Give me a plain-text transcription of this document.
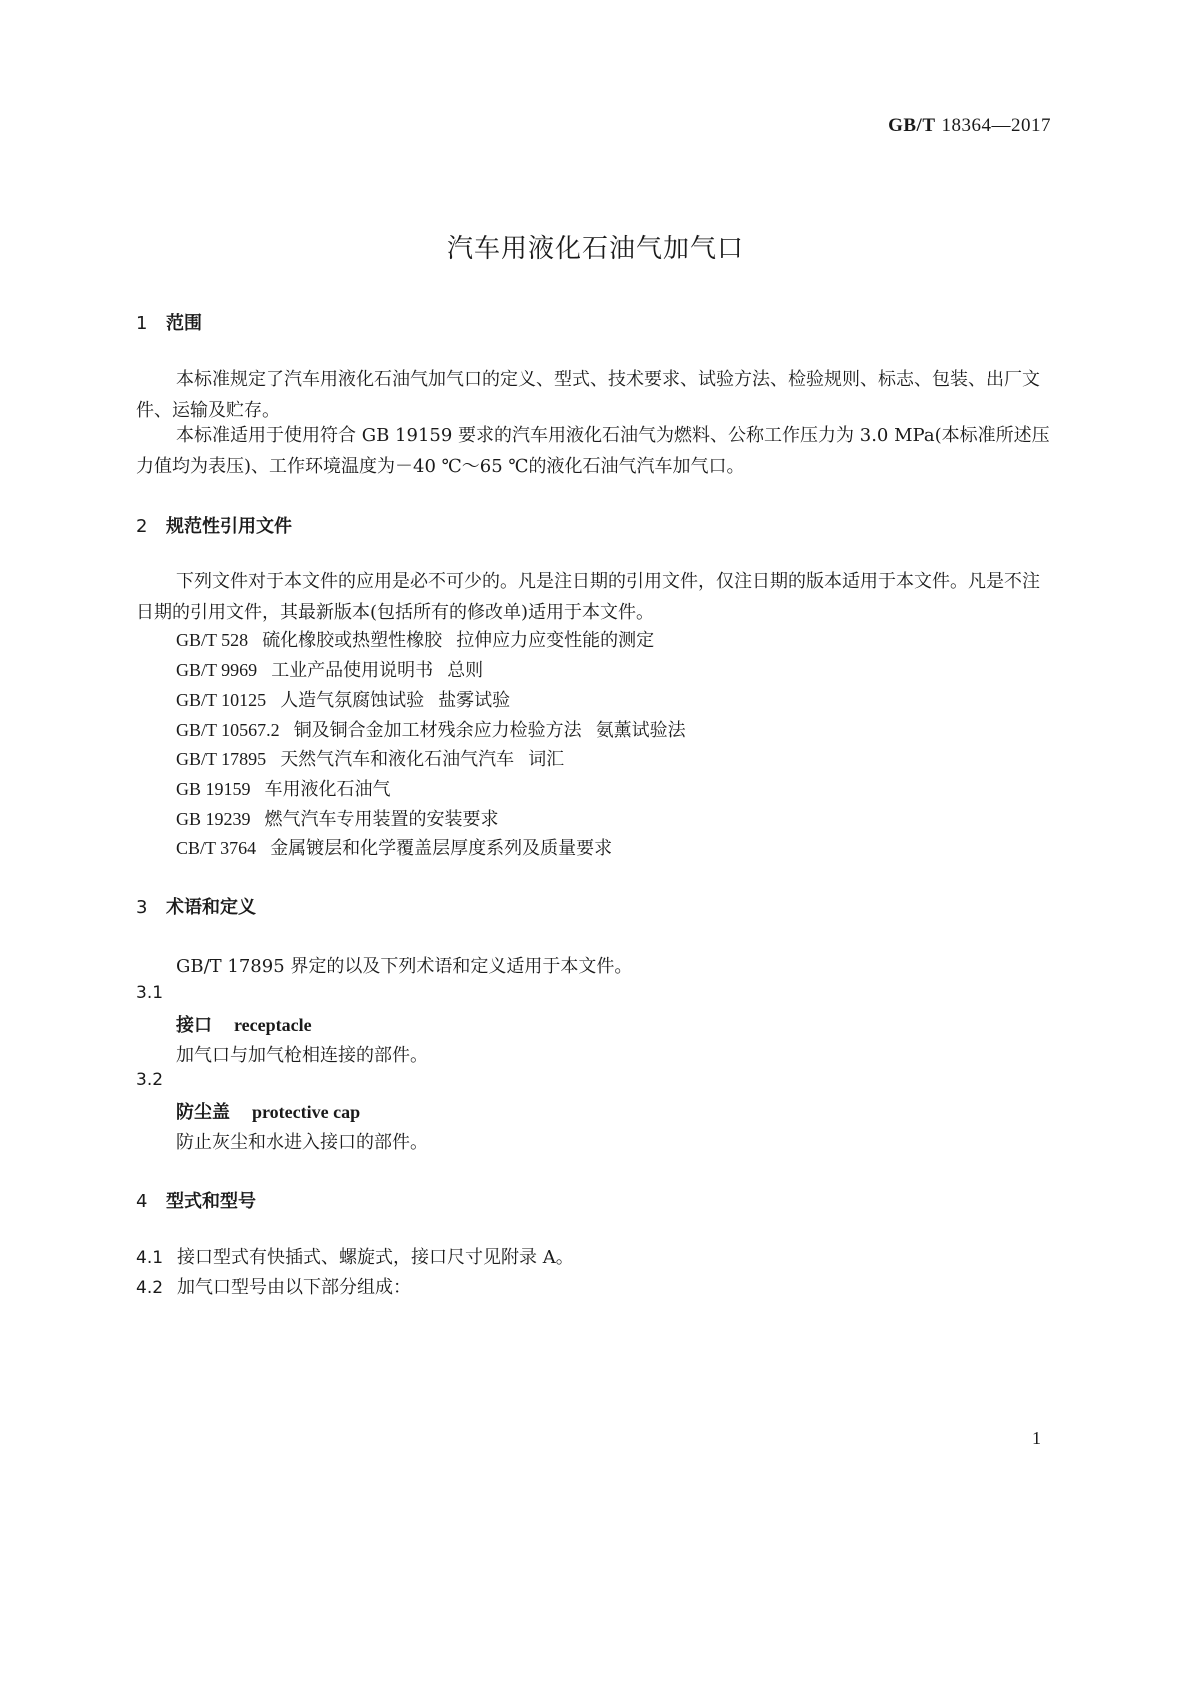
GB/T 18364—2017
汽车用液化石油气加气口
1 范围
本标准规定了汽车用液化石油气加气口的定义、型式、技术要求、试验方法、检验规则、标志、包装、出厂文件、运输及贮存。
本标准适用于使用符合 GB 19159 要求的汽车用液化石油气为燃料、公称工作压力为 3.0 MPa(本标准所述压力值均为表压)、工作环境温度为－40 ℃～65 ℃的液化石油气汽车加气口。
2 规范性引用文件
下列文件对于本文件的应用是必不可少的。凡是注日期的引用文件，仅注日期的版本适用于本文件。凡是不注日期的引用文件，其最新版本(包括所有的修改单)适用于本文件。
GB/T 528 硫化橡胶或热塑性橡胶 拉伸应力应变性能的测定
GB/T 9969 工业产品使用说明书 总则
GB/T 10125 人造气氛腐蚀试验 盐雾试验
GB/T 10567.2 铜及铜合金加工材残余应力检验方法 氨薰试验法
GB/T 17895 天然气汽车和液化石油气汽车 词汇
GB 19159 车用液化石油气
GB 19239 燃气汽车专用装置的安装要求
CB/T 3764 金属镀层和化学覆盖层厚度系列及质量要求
3 术语和定义
GB/T 17895 界定的以及下列术语和定义适用于本文件。
3.1
接口 receptacle
加气口与加气枪相连接的部件。
3.2
防尘盖 protective cap
防止灰尘和水进入接口的部件。
4 型式和型号
4.1 接口型式有快插式、螺旋式，接口尺寸见附录 A。
4.2 加气口型号由以下部分组成：
1
